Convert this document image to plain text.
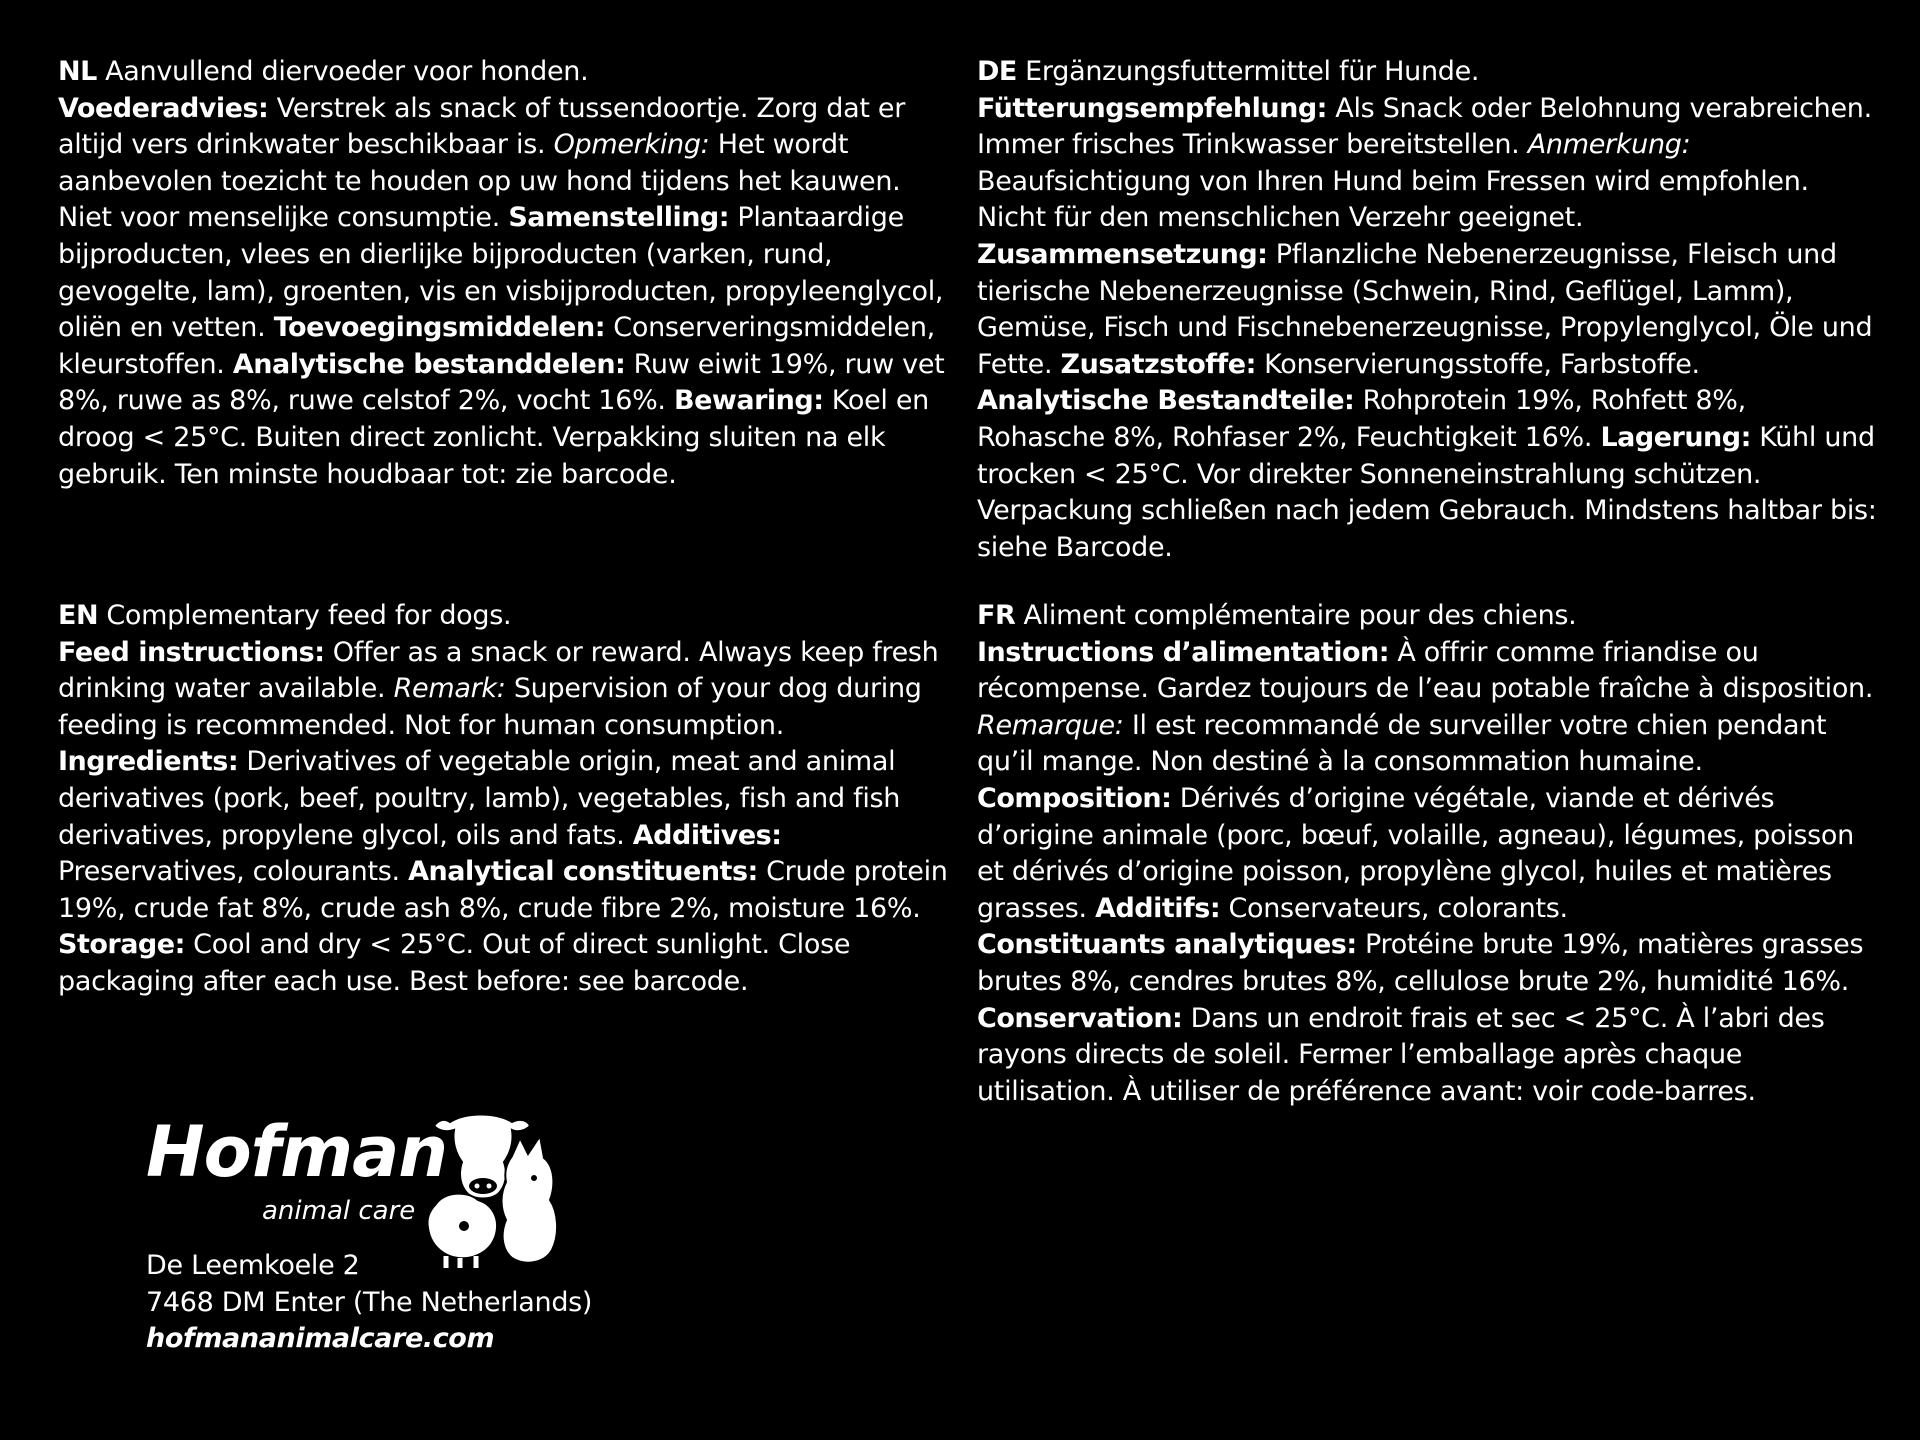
NL Aanvullend diervoeder voor honden.
Voederadvies: Verstrek als snack of tussendoortje. Zorg dat er altijd vers drinkwater beschikbaar is. Opmerking: Het wordt aanbevolen toezicht te houden op uw hond tijdens het kauwen. Niet voor menselijke consumptie. Samenstelling: Plantaardige bijproducten, vlees en dierlijke bijproducten (varken, rund, gevogelte, lam), groenten, vis en visbijproducten, propyleenglycol, oliën en vetten. Toevoegingsmiddelen: Conserveringsmiddelen, kleurstoffen. Analytische bestanddelen: Ruw eiwit 19%, ruw vet 8%, ruwe as 8%, ruwe celstof 2%, vocht 16%. Bewaring: Koel en droog < 25°C. Buiten direct zonlicht. Verpakking sluiten na elk gebruik. Ten minste houdbaar tot: zie barcode.

DE Ergänzungsfuttermittel für Hunde.
Fütterungsempfehlung: Als Snack oder Belohnung verabreichen. Immer frisches Trinkwasser bereitstellen. Anmerkung: Beaufsichtigung von Ihren Hund beim Fressen wird empfohlen. Nicht für den menschlichen Verzehr geeignet. Zusammensetzung: Pflanzliche Nebenerzeugnisse, Fleisch und tierische Nebenerzeugnisse (Schwein, Rind, Geflügel, Lamm), Gemüse, Fisch und Fischnebenerzeugnisse, Propylenglycol, Öle und Fette. Zusatzstoffe: Konservierungsstoffe, Farbstoffe. Analytische Bestandteile: Rohprotein 19%, Rohfett 8%, Rohasche 8%, Rohfaser 2%, Feuchtigkeit 16%. Lagerung: Kühl und trocken < 25°C. Vor direkter Sonneneinstrahlung schützen. Verpackung schließen nach jedem Gebrauch. Mindstens haltbar bis: siehe Barcode.

EN Complementary feed for dogs.
Feed instructions: Offer as a snack or reward. Always keep fresh drinking water available. Remark: Supervision of your dog during feeding is recommended. Not for human consumption.
Ingredients: Derivatives of vegetable origin, meat and animal derivatives (pork, beef, poultry, lamb), vegetables, fish and fish derivatives, propylene glycol, oils and fats. Additives: Preservatives, colourants. Analytical constituents: Crude protein 19%, crude fat 8%, crude ash 8%, crude fibre 2%, moisture 16%. Storage: Cool and dry < 25°C. Out of direct sunlight. Close packaging after each use. Best before: see barcode.

FR Aliment complémentaire pour des chiens.
Instructions d’alimentation: À offrir comme friandise ou récompense. Gardez toujours de l’eau potable fraîche à disposition. Remarque: Il est recommandé de surveiller votre chien pendant qu’il mange. Non destiné à la consommation humaine. Composition: Dérivés d’origine végétale, viande et dérivés d’origine animale (porc, bœuf, volaille, agneau), légumes, poisson et dérivés d’origine poisson, propylène glycol, huiles et matières grasses. Additifs: Conservateurs, colorants.
Constituants analytiques: Protéine brute 19%, matières grasses brutes 8%, cendres brutes 8%, cellulose brute 2%, humidité 16%. Conservation: Dans un endroit frais et sec < 25°C. À l’abri des rayons directs de soleil. Fermer l’emballage après chaque utilisation. À utiliser de préférence avant: voir code-barres.

Hofman
animal care

De Leemkoele 2

7468 DM Enter (The Netherlands)

hofmananimalcare.com
